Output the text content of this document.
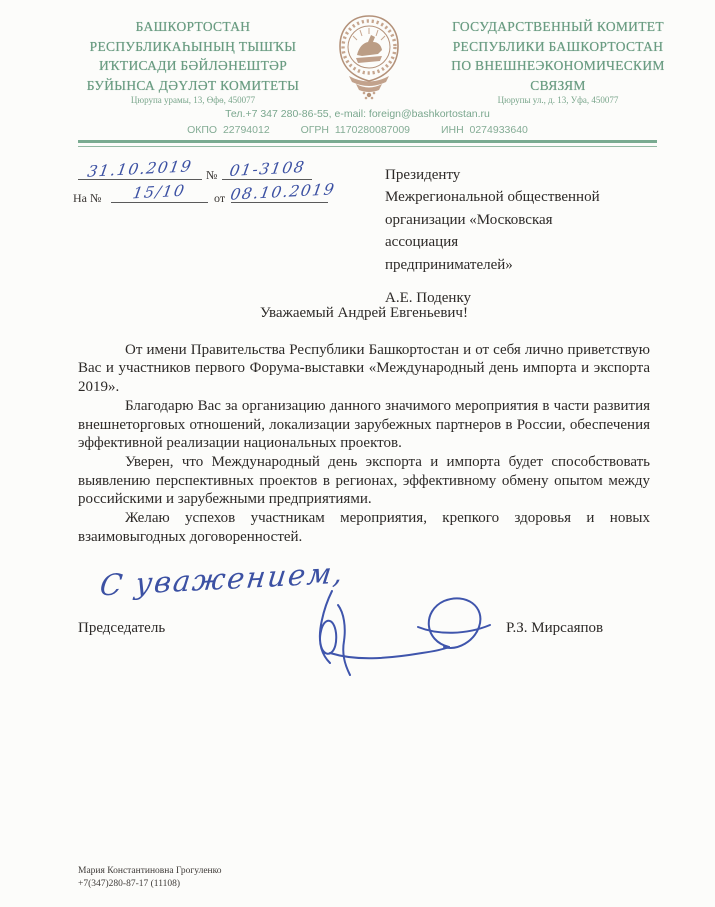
БАШКОРТОСТАН
РЕСПУБЛИКАҺЫНЫҢ ТЫШҠЫ
ИҠТИСАДИ БӘЙЛӘНЕШТӘР
БУЙЫНСА ДӘҮЛӘТ КОМИТЕТЫ
ГОСУДАРСТВЕННЫЙ КОМИТЕТ
РЕСПУБЛИКИ БАШКОРТОСТАН
ПО ВНЕШНЕЭКОНОМИЧЕСКИМ
СВЯЗЯМ
Цюрупа урамы, 13, Өфө, 450077	Цюрупы ул., д. 13, Уфа, 450077
Тел.+7 347 280-86-55, e-mail: foreign@bashkortostan.ru
ОКПО 22794012	ОГРН 1170280087009	ИНН 0274933640
31.10.2019	№ 01-3108
На №	15/10	от 08.10.2019
Президенту
Межрегиональной общественной
организации «Московская
ассоциация
предпринимателей»
А.Е. Поденку
Уважаемый Андрей Евгеньевич!

От имени Правительства Республики Башкортостан и от себя лично приветствую Вас и участников первого Форума-выставки «Международный день импорта и экспорта 2019».

Благодарю Вас за организацию данного значимого мероприятия в части развития внешнеторговых отношений, локализации зарубежных партнеров в России, обеспечения эффективной реализации национальных проектов.

Уверен, что Международный день экспорта и импорта будет способствовать выявлению перспективных проектов в регионах, эффективному обмену опытом между российскими и зарубежными предприятиями.

Желаю успехов участникам мероприятия, крепкого здоровья и новых взаимовыгодных договоренностей.

С уважением,
Председатель	Р.З. Мирсаяпов
Мария Константиновна Грогуленко
+7(347)280-87-17 (11108)
